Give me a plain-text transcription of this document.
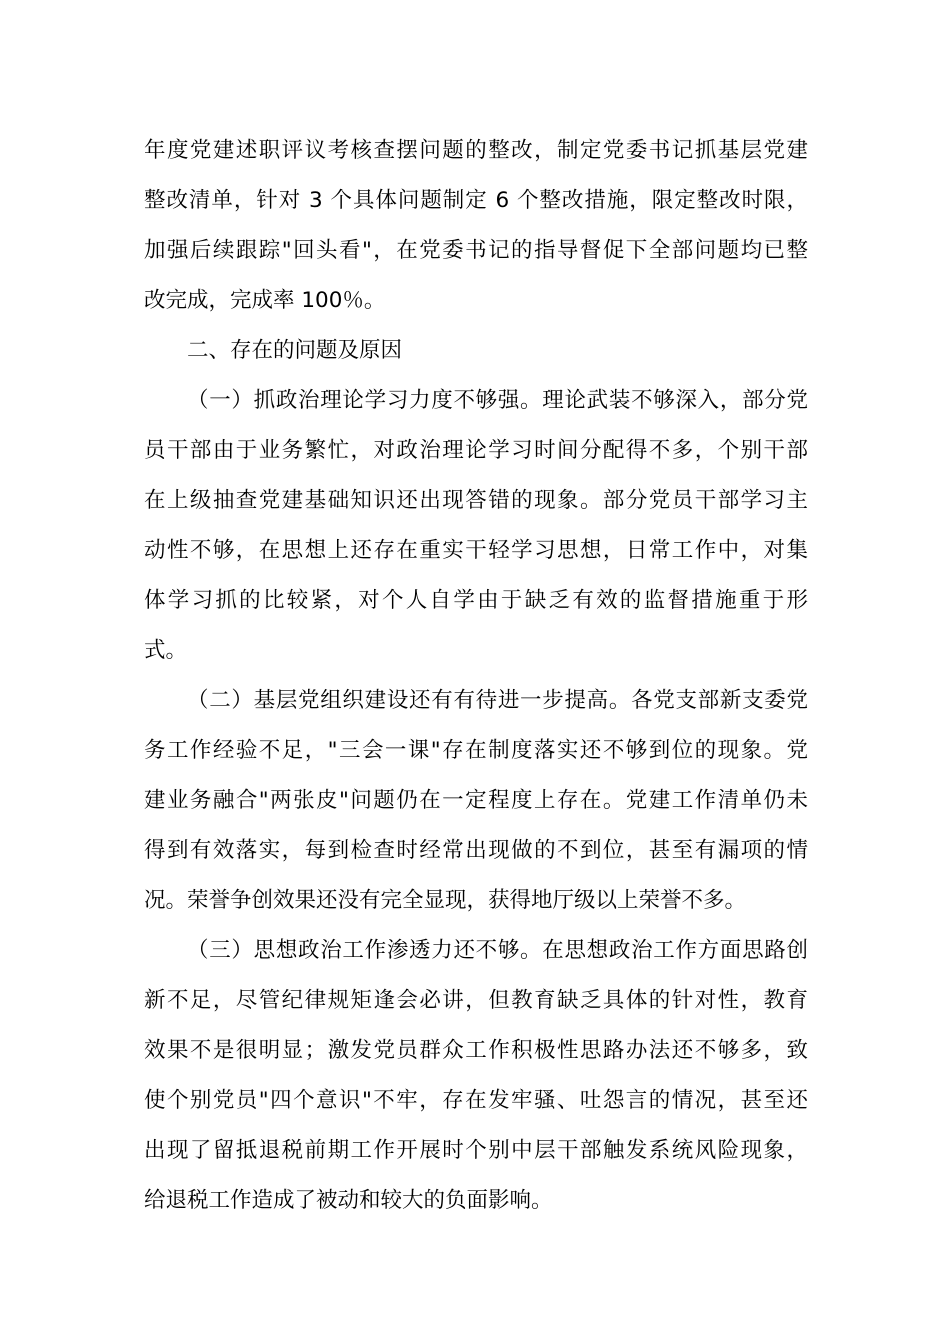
年度党建述职评议考核查摆问题的整改，制定党委书记抓基层党建
整改清单，针对 3 个具体问题制定 6 个整改措施，限定整改时限，
加强后续跟踪"回头看"，在党委书记的指导督促下全部问题均已整
改完成，完成率 100％。

二、存在的问题及原因

（一）抓政治理论学习力度不够强。理论武装不够深入，部分党
员干部由于业务繁忙，对政治理论学习时间分配得不多，个别干部
在上级抽查党建基础知识还出现答错的现象。部分党员干部学习主
动性不够，在思想上还存在重实干轻学习思想，日常工作中，对集
体学习抓的比较紧，对个人自学由于缺乏有效的监督措施重于形
式。

（二）基层党组织建设还有有待进一步提高。各党支部新支委党
务工作经验不足，"三会一课"存在制度落实还不够到位的现象。党
建业务融合"两张皮"问题仍在一定程度上存在。党建工作清单仍未
得到有效落实，每到检查时经常出现做的不到位，甚至有漏项的情
况。荣誉争创效果还没有完全显现，获得地厅级以上荣誉不多。

（三）思想政治工作渗透力还不够。在思想政治工作方面思路创
新不足，尽管纪律规矩逢会必讲，但教育缺乏具体的针对性，教育
效果不是很明显；激发党员群众工作积极性思路办法还不够多，致
使个别党员"四个意识"不牢，存在发牢骚、吐怨言的情况，甚至还
出现了留抵退税前期工作开展时个别中层干部触发系统风险现象，
给退税工作造成了被动和较大的负面影响。
